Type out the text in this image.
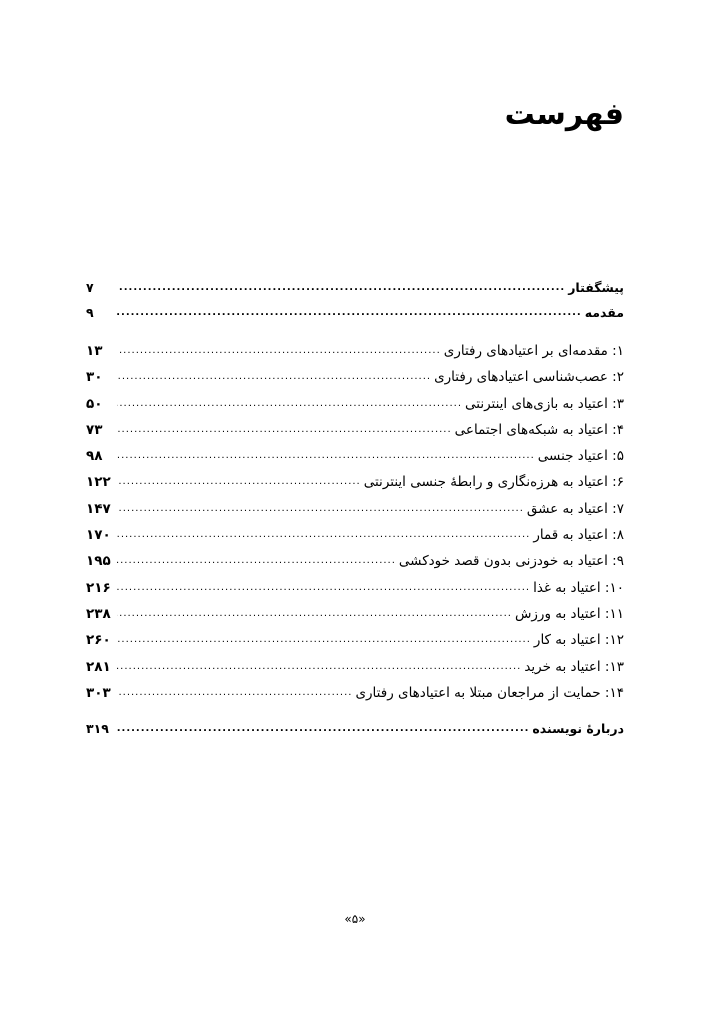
فهرست
پیشگفتار
.....
۷
مقدمه
.....
۹
۱: مقدمه‌ای بر اعتیادهای رفتاری
.....
۱۳
۲: عصب‌شناسی اعتیادهای رفتاری
.....
۳۰
۳: اعتیاد به بازی‌های اینترنتی
.....
۵۰
۴: اعتیاد به شبکه‌های اجتماعی
.....
۷۳
۵: اعتیاد جنسی
.....
۹۸
۶: اعتیاد به هرزه‌نگاری و رابطهٔ جنسی اینترنتی
.....
۱۲۲
۷: اعتیاد به عشق
.....
۱۴۷
۸: اعتیاد به قمار
.....
۱۷۰
۹: اعتیاد به خودزنی بدون قصد خودکشی
.....
۱۹۵
۱۰: اعتیاد به غذا
.....
۲۱۶
۱۱: اعتیاد به ورزش
.....
۲۳۸
۱۲: اعتیاد به کار
.....
۲۶۰
۱۳: اعتیاد به خرید
.....
۲۸۱
۱۴: حمایت از مراجعان مبتلا به اعتیادهای رفتاری
.....
۳۰۳
دربارهٔ نویسنده
.....
۳۱۹
«۵»
